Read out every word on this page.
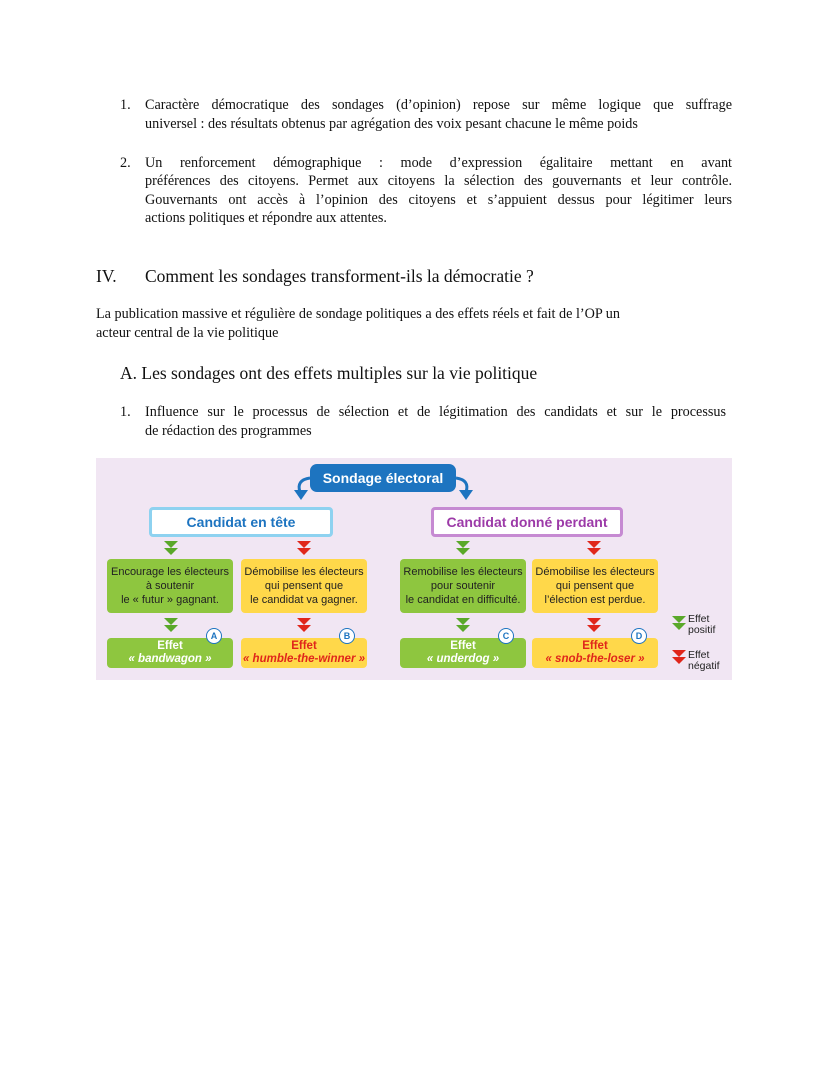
1. Caractère démocratique des sondages (d’opinion) repose sur même logique que suffrage
universel : des résultats obtenus par agrégation des voix pesant chacune le même poids
2. Un renforcement démographique : mode d’expression égalitaire mettant en avant
préférences des citoyens. Permet aux citoyens la sélection des gouvernants et leur contrôle.
Gouvernants ont accès à l’opinion des citoyens et s’appuient dessus pour légitimer leurs
actions politiques et répondre aux attentes.
IV. Comment les sondages transforment-ils la démocratie ?
La publication massive et régulière de sondage politiques a des effets réels et fait de l’OP un
acteur central de la vie politique
A. Les sondages ont des effets multiples sur la vie politique
1. Influence sur le processus de sélection et de légitimation des candidats et sur le processus
de rédaction des programmes
Sondage électoral
Candidat en tête	Candidat donné perdant
Encourage les électeurs
à soutenir
le « futur » gagnant.
Démobilise les électeurs
qui pensent que
le candidat va gagner.
Remobilise les électeurs
pour soutenir
le candidat en difficulté.
Démobilise les électeurs
qui pensent que
l’élection est perdue.
Effet
« bandwagon »
Effet
« humble-the-winner »
Effet
« underdog »
Effet
« snob-the-loser »
A	B	C	D
Effet
positif
Effet
négatif
